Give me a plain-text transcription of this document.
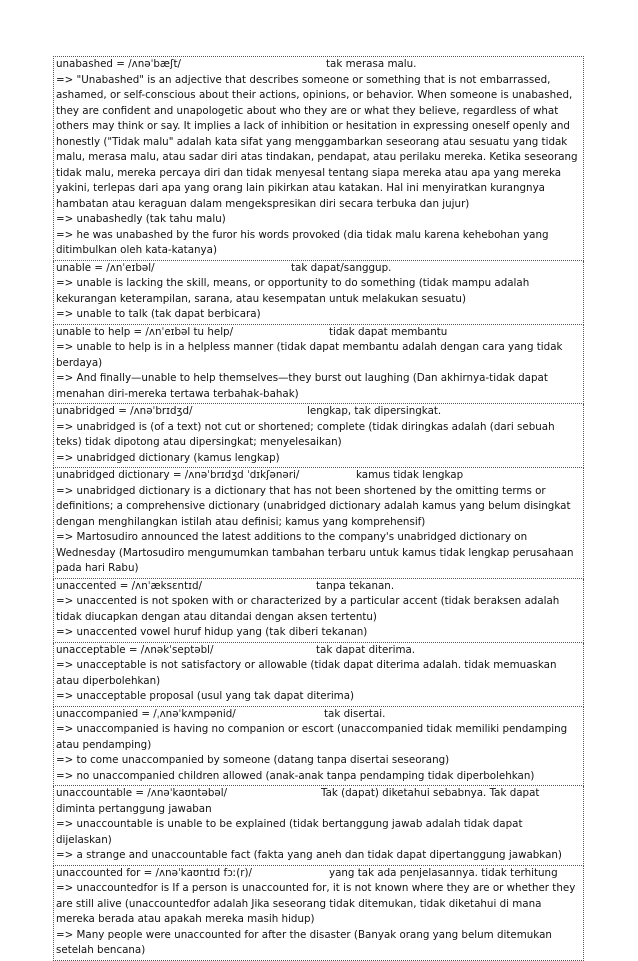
unabashed = /ʌnəˈbæʃt/	tak merasa malu.
=> "Unabashed" is an adjective that describes someone or something that is not embarrassed, ashamed, or self-conscious about their actions, opinions, or behavior. When someone is unabashed, they are confident and unapologetic about who they are or what they believe, regardless of what others may think or say. It implies a lack of inhibition or hesitation in expressing oneself openly and honestly ("Tidak malu" adalah kata sifat yang menggambarkan seseorang atau sesuatu yang tidak malu, merasa malu, atau sadar diri atas tindakan, pendapat, atau perilaku mereka. Ketika seseorang tidak malu, mereka percaya diri dan tidak menyesal tentang siapa mereka atau apa yang mereka yakini, terlepas dari apa yang orang lain pikirkan atau katakan. Hal ini menyiratkan kurangnya hambatan atau keraguan dalam mengekspresikan diri secara terbuka dan jujur)
=> unabashedly (tak tahu malu)
=> he was unabashed by the furor his words provoked (dia tidak malu karena kehebohan yang ditimbulkan oleh kata-katanya)
unable = /ʌnˈeɪbəl/	tak dapat/sanggup.
=> unable is lacking the skill, means, or opportunity to do something (tidak mampu adalah kekurangan keterampilan, sarana, atau kesempatan untuk melakukan sesuatu)
=> unable to talk (tak dapat berbicara)
unable to help = /ʌnˈeɪbəl tu help/	tidak dapat membantu
=> unable to help is in a helpless manner (tidak dapat membantu adalah dengan cara yang tidak berdaya)
=> And finally—unable to help themselves—they burst out laughing (Dan akhirnya-tidak dapat menahan diri-mereka tertawa terbahak-bahak)
unabridged = /ʌnəˈbrɪdʒd/	lengkap, tak dipersingkat.
=> unabridged is (of a text) not cut or shortened; complete (tidak diringkas adalah (dari sebuah teks) tidak dipotong atau dipersingkat; menyelesaikan)
=> unabridged dictionary (kamus lengkap)
unabridged dictionary = /ʌnəˈbrɪdʒd ˈdɪkʃənəri/	kamus tidak lengkap
=> unabridged dictionary is a dictionary that has not been shortened by the omitting terms or definitions; a comprehensive dictionary (unabridged dictionary adalah kamus yang belum disingkat dengan menghilangkan istilah atau definisi; kamus yang komprehensif)
=> Martosudiro announced the latest additions to the company's unabridged dictionary on Wednesday (Martosudiro mengumumkan tambahan terbaru untuk kamus tidak lengkap perusahaan pada hari Rabu)
unaccented = /ʌnˈæksɛntɪd/	tanpa tekanan.
=> unaccented is not spoken with or characterized by a particular accent (tidak beraksen adalah tidak diucapkan dengan atau ditandai dengan aksen tertentu)
=> unaccented vowel huruf hidup yang (tak diberi tekanan)
unacceptable = /ʌnəkˈseptəbl/	tak dapat diterima.
=> unacceptable is not satisfactory or allowable (tidak dapat diterima adalah. tidak memuaskan atau diperbolehkan)
=> unacceptable proposal (usul yang tak dapat diterima)
unaccompanied = /ˌʌnəˈkʌmpənid/	tak disertai.
=> unaccompanied is having no companion or escort (unaccompanied tidak memiliki pendamping atau pendamping)
=> to come unaccompanied by someone (datang tanpa disertai seseorang)
=> no unaccompanied children allowed (anak-anak tanpa pendamping tidak diperbolehkan)
unaccountable = /ʌnəˈkaʊntəbəl/	Tak (dapat) diketahui sebabnya. Tak dapat diminta pertanggung jawaban
=> unaccountable is unable to be explained (tidak bertanggung jawab adalah tidak dapat dijelaskan)
=> a strange and unaccountable fact (fakta yang aneh dan tidak dapat dipertanggung jawabkan)
unaccounted for = /ʌnəˈkaʊntɪd fɔː(r)/	yang tak ada penjelasannya. tidak terhitung
=> unaccountedfor is If a person is unaccounted for, it is not known where they are or whether they are still alive (unaccountedfor adalah Jika seseorang tidak ditemukan, tidak diketahui di mana mereka berada atau apakah mereka masih hidup)
=> Many people were unaccounted for after the disaster (Banyak orang yang belum ditemukan setelah bencana)
